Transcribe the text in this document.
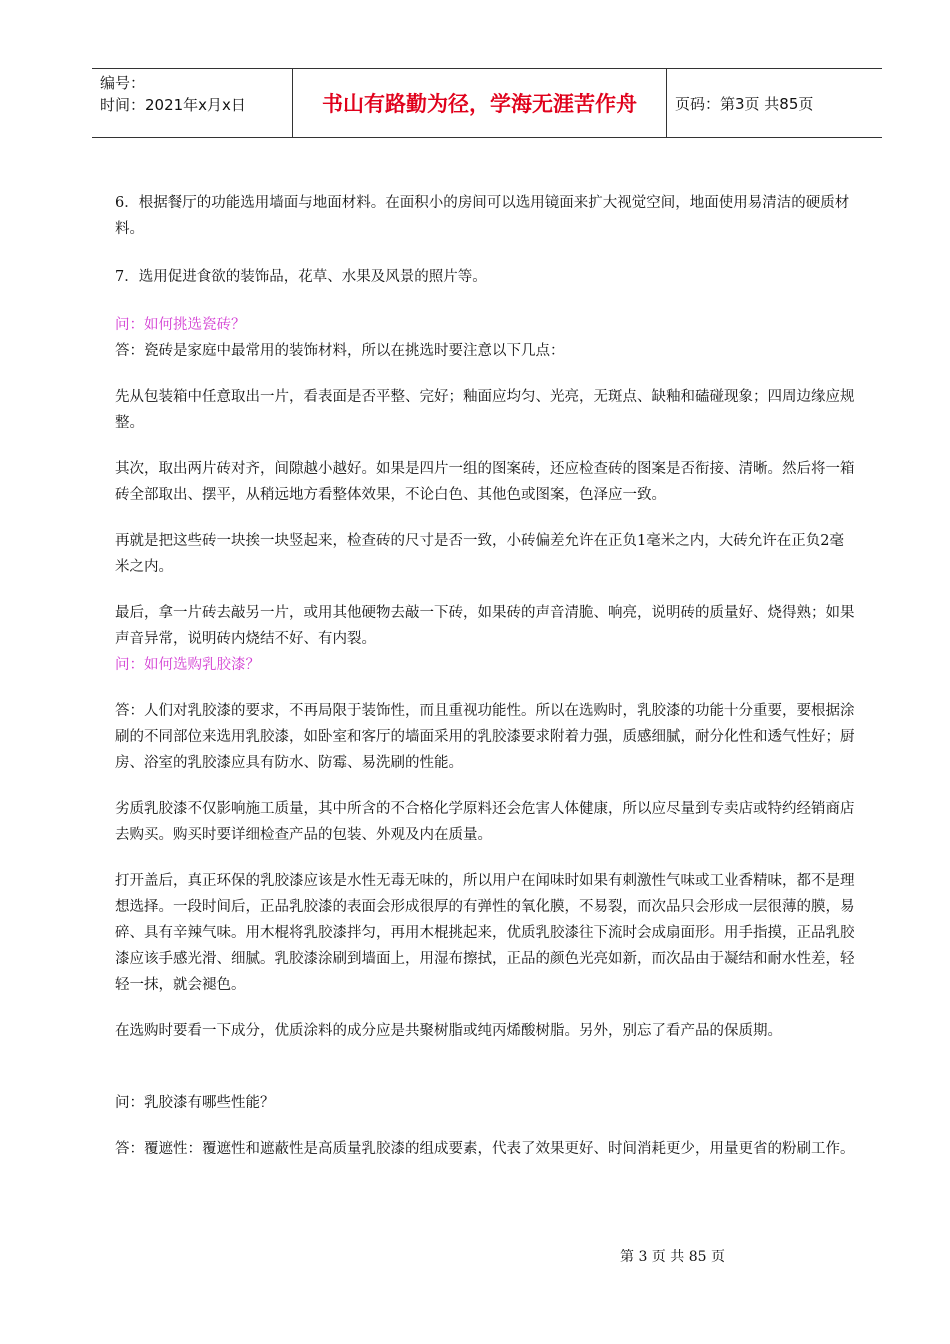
编号：
时间：2021年x月x日	书山有路勤为径，学海无涯苦作舟	页码：第3页 共85页

6．根据餐厅的功能选用墙面与地面材料。在面积小的房间可以选用镜面来扩大视觉空间，地面使用易清洁的硬质材料。

7．选用促进食欲的装饰品，花草、水果及风景的照片等。

问：如何挑选瓷砖？

答：瓷砖是家庭中最常用的装饰材料，所以在挑选时要注意以下几点：

先从包装箱中任意取出一片，看表面是否平整、完好；釉面应均匀、光亮，无斑点、缺釉和磕碰现象；四周边缘应规整。

其次，取出两片砖对齐，间隙越小越好。如果是四片一组的图案砖，还应检查砖的图案是否衔接、清晰。然后将一箱砖全部取出、摆平，从稍远地方看整体效果，不论白色、其他色或图案，色泽应一致。

再就是把这些砖一块挨一块竖起来，检查砖的尺寸是否一致，小砖偏差允许在正负1毫米之内，大砖允许在正负2毫米之内。

最后，拿一片砖去敲另一片，或用其他硬物去敲一下砖，如果砖的声音清脆、响亮，说明砖的质量好、烧得熟；如果声音异常，说明砖内烧结不好、有内裂。

问：如何选购乳胶漆？

答：人们对乳胶漆的要求，不再局限于装饰性，而且重视功能性。所以在选购时，乳胶漆的功能十分重要，要根据涂刷的不同部位来选用乳胶漆，如卧室和客厅的墙面采用的乳胶漆要求附着力强，质感细腻，耐分化性和透气性好；厨房、浴室的乳胶漆应具有防水、防霉、易洗刷的性能。

劣质乳胶漆不仅影响施工质量，其中所含的不合格化学原料还会危害人体健康，所以应尽量到专卖店或特约经销商店去购买。购买时要详细检查产品的包装、外观及内在质量。

打开盖后，真正环保的乳胶漆应该是水性无毒无味的，所以用户在闻味时如果有刺激性气味或工业香精味，都不是理想选择。一段时间后，正品乳胶漆的表面会形成很厚的有弹性的氧化膜，不易裂，而次品只会形成一层很薄的膜，易碎、具有辛辣气味。用木棍将乳胶漆拌匀，再用木棍挑起来，优质乳胶漆往下流时会成扇面形。用手指摸，正品乳胶漆应该手感光滑、细腻。乳胶漆涂刷到墙面上，用湿布擦拭，正品的颜色光亮如新，而次品由于凝结和耐水性差，轻轻一抹，就会褪色。

在选购时要看一下成分，优质涂料的成分应是共聚树脂或纯丙烯酸树脂。另外，别忘了看产品的保质期。

问：乳胶漆有哪些性能？

答：覆遮性：覆遮性和遮蔽性是高质量乳胶漆的组成要素，代表了效果更好、时间消耗更少，用量更省的粉刷工作。

第 3 页 共 85 页
